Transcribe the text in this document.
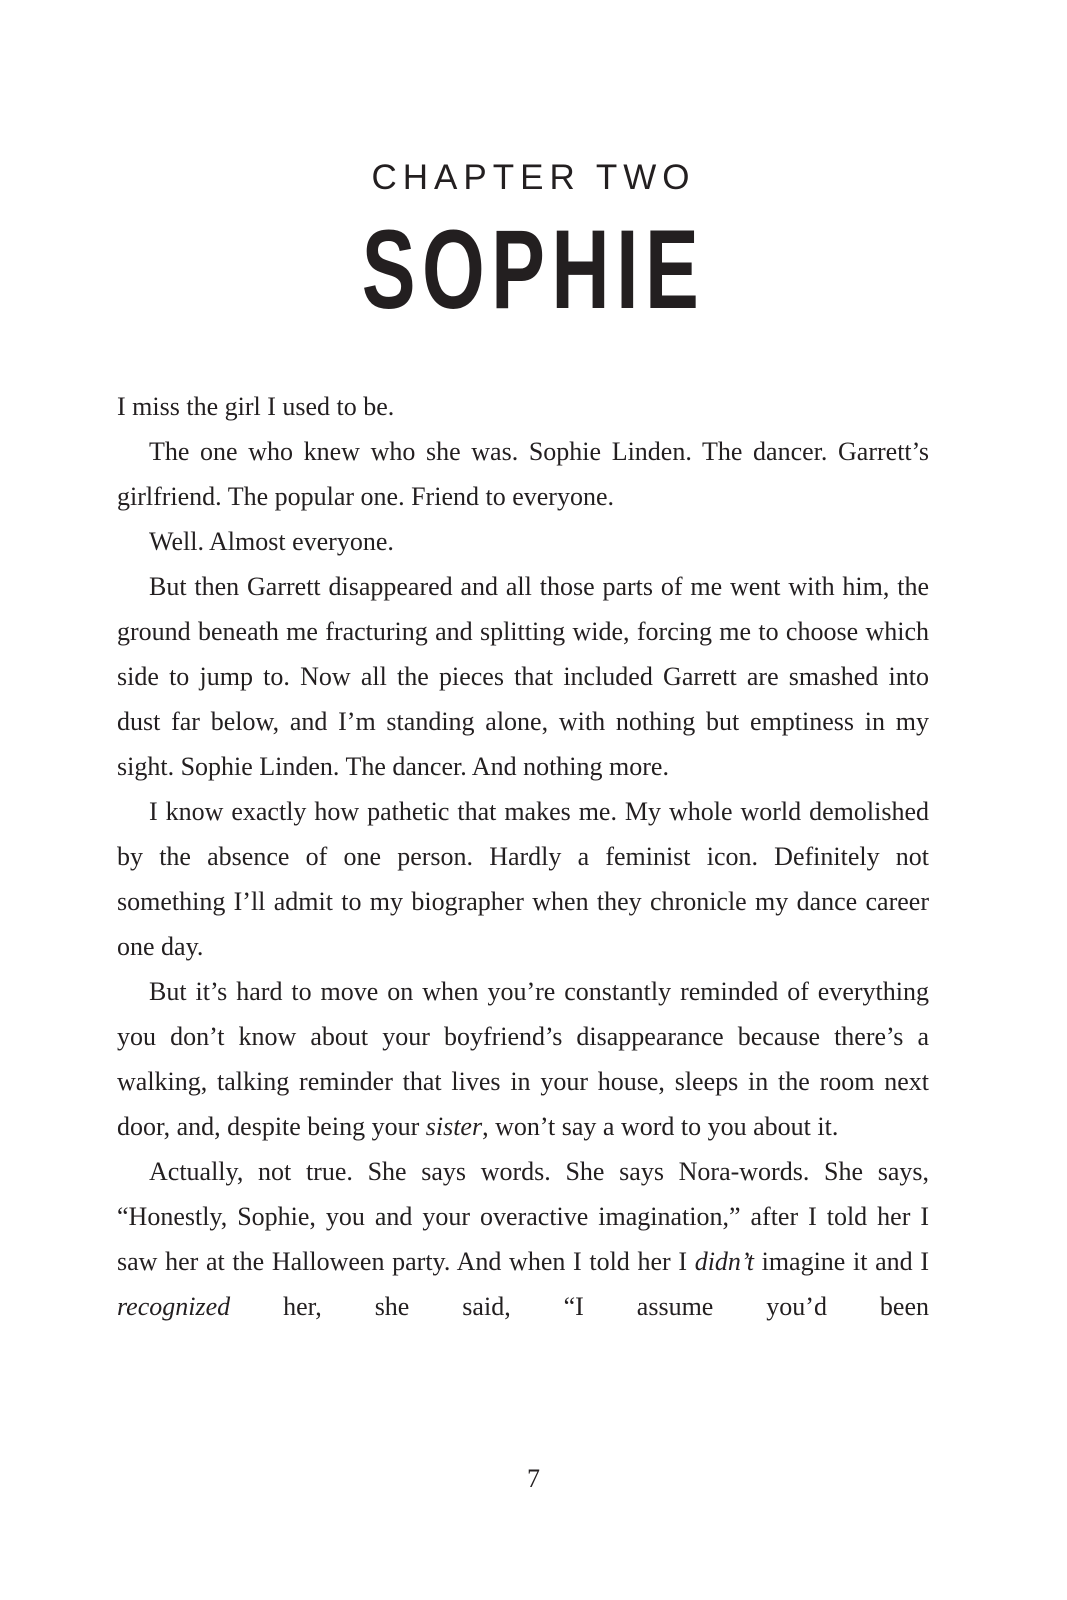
CHAPTER TWO
SOPHIE

I miss the girl I used to be.

The one who knew who she was. Sophie Linden. The dancer. Garrett’s girlfriend. The popular one. Friend to everyone.

Well. Almost everyone.

But then Garrett disappeared and all those parts of me went with him, the ground beneath me fracturing and splitting wide, forcing me to choose which side to jump to. Now all the pieces that included Garrett are smashed into dust far below, and I’m standing alone, with nothing but emptiness in my sight. Sophie Linden. The dancer. And nothing more.

I know exactly how pathetic that makes me. My whole world demolished by the absence of one person. Hardly a feminist icon. Definitely not something I’ll admit to my biographer when they chronicle my dance career one day.

But it’s hard to move on when you’re constantly reminded of everything you don’t know about your boyfriend’s disappearance because there’s a walking, talking reminder that lives in your house, sleeps in the room next door, and, despite being your sister, won’t say a word to you about it.

Actually, not true. She says words. She says Nora-words. She says, “Honestly, Sophie, you and your overactive imagination,” after I told her I saw her at the Halloween party. And when I told her I didn’t imagine it and I recognized her, she said, “I assume you’d been

7
